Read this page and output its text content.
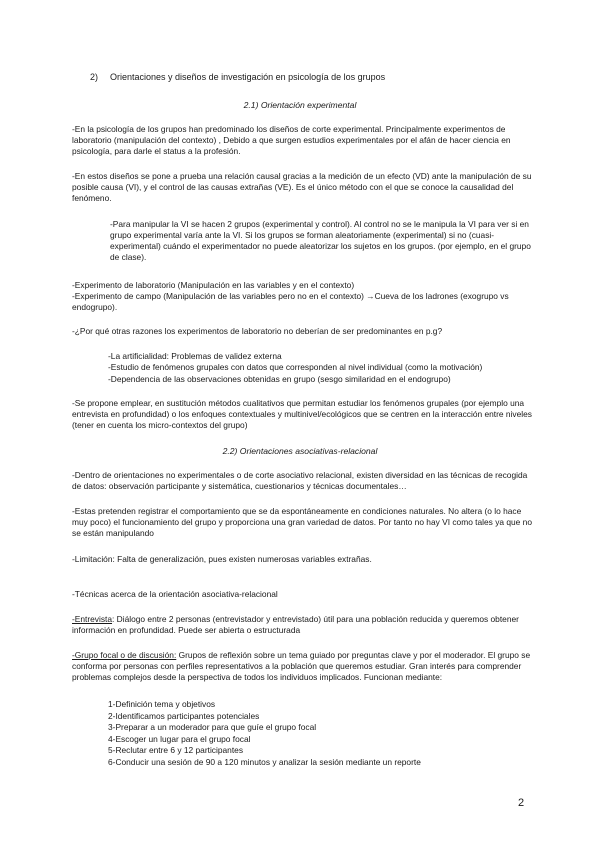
2) Orientaciones y diseños de investigación en psicología de los grupos

2.1) Orientación experimental

-En la psicología de los grupos han predominado los diseños de corte experimental. Principalmente experimentos de laboratorio (manipulación del contexto) , Debido a que surgen estudios experimentales por el afán de hacer ciencia en psicología, para darle el status a la profesión.

-En estos diseños se pone a prueba una relación causal gracias a la medición de un efecto (VD) ante la manipulación de su posible causa (VI), y el control de las causas extrañas (VE). Es el único método con el que se conoce la causalidad del fenómeno.

-Para manipular la VI se hacen 2 grupos (experimental y control). Al control no se le manipula la VI para ver si en grupo experimental varía ante la VI. Si los grupos se forman aleatoriamente (experimental) si no (cuasi-experimental) cuándo el experimentador no puede aleatorizar los sujetos en los grupos. (por ejemplo, en el grupo de clase).

-Experimento de laboratorio (Manipulación en las variables y en el contexto)

-Experimento de campo (Manipulación de las variables pero no en el contexto) →Cueva de los ladrones (exogrupo vs endogrupo).

-¿Por qué otras razones los experimentos de laboratorio no deberían de ser predominantes en p.g?

-La artificialidad: Problemas de validez externa
-Estudio de fenómenos grupales con datos que corresponden al nivel individual (como la motivación)
-Dependencia de las observaciones obtenidas en grupo (sesgo similaridad en el endogrupo)

-Se propone emplear, en sustitución métodos cualitativos que permitan estudiar los fenómenos grupales (por ejemplo una entrevista en profundidad) o los enfoques contextuales y multinivel/ecológicos que se centren en la interacción entre niveles (tener en cuenta los micro-contextos del grupo)

2.2) Orientaciones asociativas-relacional

-Dentro de orientaciones no experimentales o de corte asociativo relacional, existen diversidad en las técnicas de recogida de datos: observación participante y sistemática, cuestionarios y técnicas documentales…

-Estas pretenden registrar el comportamiento que se da espontáneamente en condiciones naturales. No altera (o lo hace muy poco) el funcionamiento del grupo y proporciona una gran variedad de datos. Por tanto no hay VI como tales ya que no se están manipulando

-Limitación: Falta de generalización, pues existen numerosas variables extrañas.

-Técnicas acerca de la orientación asociativa-relacional

-Entrevista: Diálogo entre 2 personas (entrevistador y entrevistado) útil para una población reducida y queremos obtener información en profundidad. Puede ser abierta o estructurada

-Grupo focal o de discusión: Grupos de reflexión sobre un tema guiado por preguntas clave y por el moderador. El grupo se conforma por personas con perfiles representativos a la población que queremos estudiar. Gran interés para comprender problemas complejos desde la perspectiva de todos los individuos implicados. Funcionan mediante:

1-Definición tema y objetivos
2-Identificamos participantes potenciales
3-Preparar a un moderador para que guíe el grupo focal
4-Escoger un lugar para el grupo focal
5-Reclutar entre 6 y 12 participantes
6-Conducir una sesión de 90 a 120 minutos y analizar la sesión mediante un reporte

2
